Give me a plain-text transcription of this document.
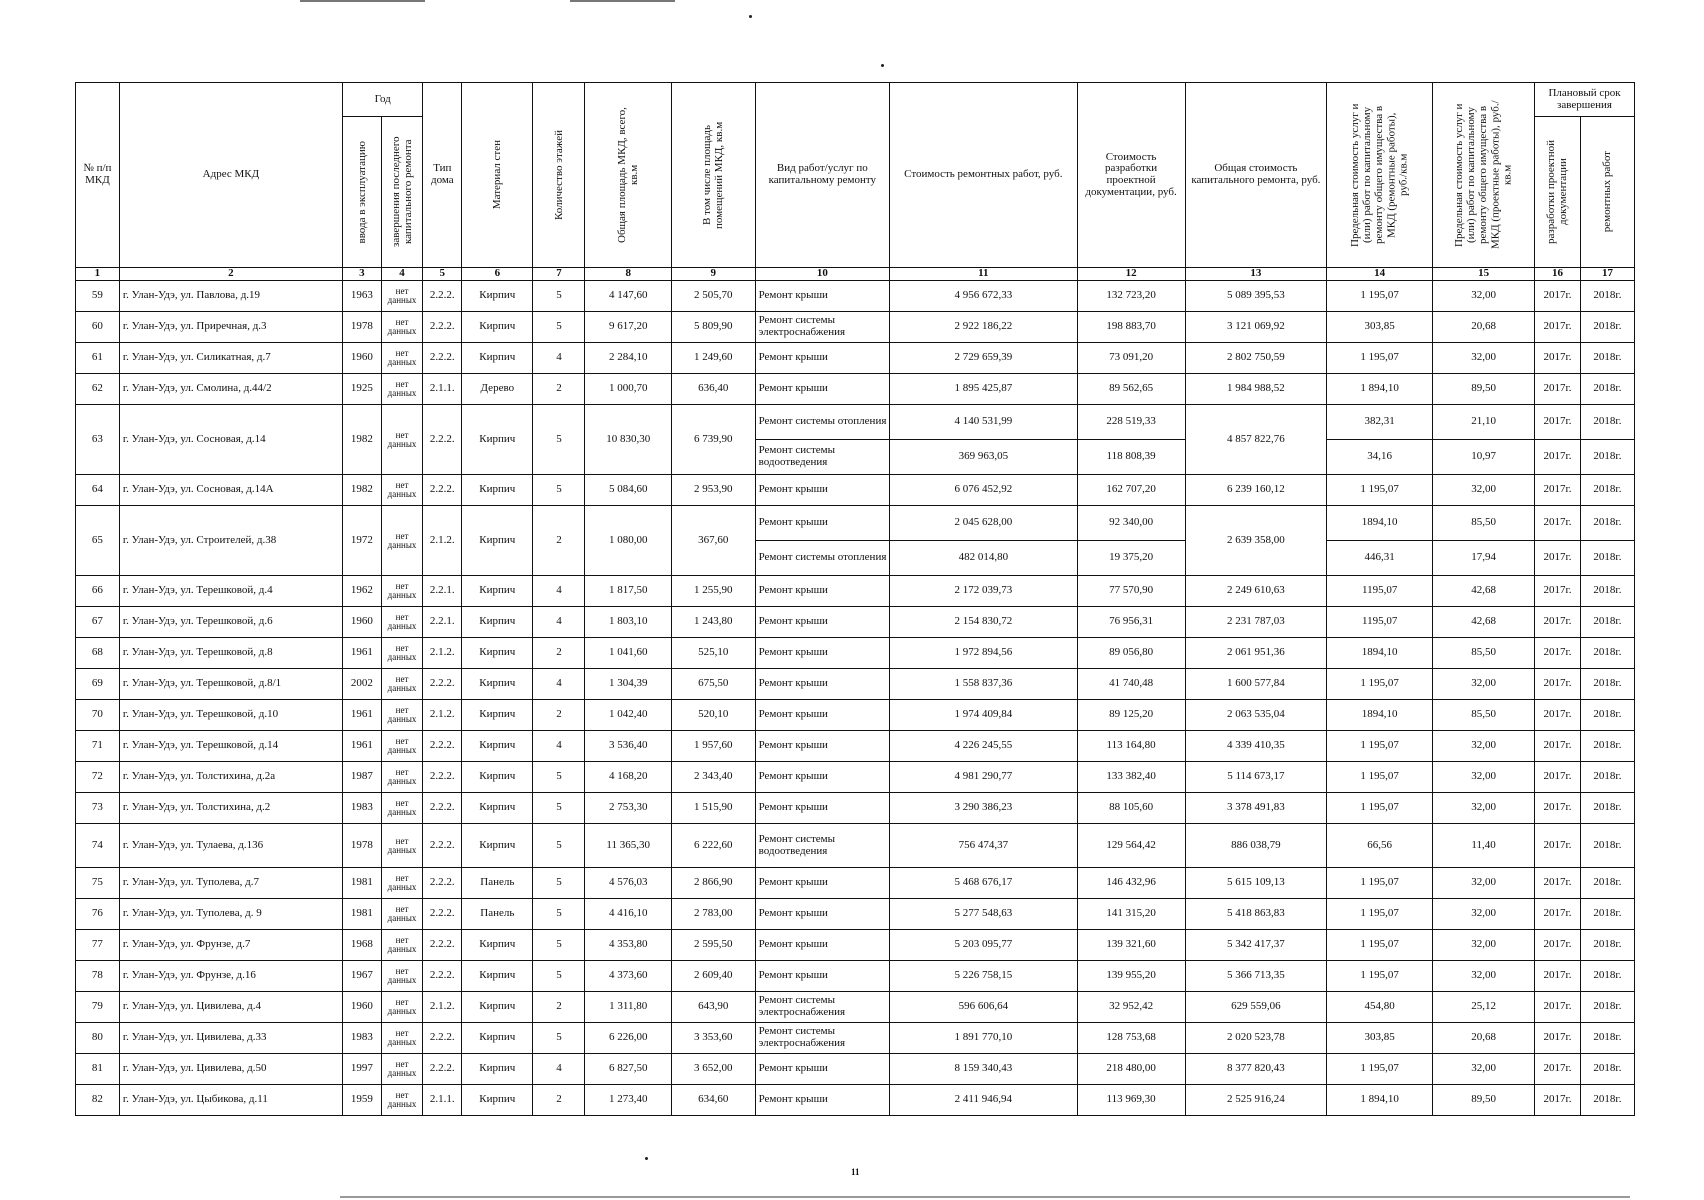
№ п/п МКД	Адрес МКД	Год		Тип дома	Материал стен	Количество этажей	Общая площадь МКД, всего, кв.м	В том числе площадь помещений МКД, кв.м	Вид работ/услуг по капитальному ремонту	Стоимость ремонтных работ, руб.	Стоимость разработки проектной документации, руб.	Общая стоимость капитального ремонта, руб.	Предельная стоимость услуг и (или) работ по капитальному ремонту общего имущества в МКД (ремонтные работы), руб./кв.м	Предельная стоимость услуг и (или) работ по капитальному ремонту общего имущества в МКД (проектные работы), руб./кв.м	Плановый срок завершения	

		ввода в эксплуатацию	завершения последнего капитального ремонта												разработки проектной документации	ремонтных работ

1	2	3	4	5	6	7	8	9	10	11	12	13	14	15	16	17
59	г. Улан-Удэ, ул. Павлова, д.19	1963	нет данных	2.2.2.	Кирпич	5	4 147,60	2 505,70	Ремонт крыши	4 956 672,33	132 723,20	5 089 395,53	1 195,07	32,00	2017г.	2018г.
60	г. Улан-Удэ, ул. Приречная, д.3	1978	нет данных	2.2.2.	Кирпич	5	9 617,20	5 809,90	Ремонт системы электроснабжения	2 922 186,22	198 883,70	3 121 069,92	303,85	20,68	2017г.	2018г.
61	г. Улан-Удэ, ул. Силикатная, д.7	1960	нет данных	2.2.2.	Кирпич	4	2 284,10	1 249,60	Ремонт крыши	2 729 659,39	73 091,20	2 802 750,59	1 195,07	32,00	2017г.	2018г.
62	г. Улан-Удэ, ул. Смолина, д.44/2	1925	нет данных	2.1.1.	Дерево	2	1 000,70	636,40	Ремонт крыши	1 895 425,87	89 562,65	1 984 988,52	1 894,10	89,50	2017г.	2018г.
63	г. Улан-Удэ, ул. Сосновая, д.14	1982	нет данных	2.2.2.	Кирпич	5	10 830,30	6 739,90	Ремонт системы отопления	4 140 531,99	228 519,33	4 857 822,76	382,31	21,10	2017г.	2018г.
									Ремонт системы водоотведения	369 963,05	118 808,39		34,16	10,97	2017г.	2018г.
64	г. Улан-Удэ, ул. Сосновая, д.14А	1982	нет данных	2.2.2.	Кирпич	5	5 084,60	2 953,90	Ремонт крыши	6 076 452,92	162 707,20	6 239 160,12	1 195,07	32,00	2017г.	2018г.
65	г. Улан-Удэ, ул. Строителей, д.38	1972	нет данных	2.1.2.	Кирпич	2	1 080,00	367,60	Ремонт крыши	2 045 628,00	92 340,00	2 639 358,00	1894,10	85,50	2017г.	2018г.
									Ремонт системы отопления	482 014,80	19 375,20		446,31	17,94	2017г.	2018г.
66	г. Улан-Удэ, ул. Терешковой, д.4	1962	нет данных	2.2.1.	Кирпич	4	1 817,50	1 255,90	Ремонт крыши	2 172 039,73	77 570,90	2 249 610,63	1195,07	42,68	2017г.	2018г.
67	г. Улан-Удэ, ул. Терешковой, д.6	1960	нет данных	2.2.1.	Кирпич	4	1 803,10	1 243,80	Ремонт крыши	2 154 830,72	76 956,31	2 231 787,03	1195,07	42,68	2017г.	2018г.
68	г. Улан-Удэ, ул. Терешковой, д.8	1961	нет данных	2.1.2.	Кирпич	2	1 041,60	525,10	Ремонт крыши	1 972 894,56	89 056,80	2 061 951,36	1894,10	85,50	2017г.	2018г.
69	г. Улан-Удэ, ул. Терешковой, д.8/1	2002	нет данных	2.2.2.	Кирпич	4	1 304,39	675,50	Ремонт крыши	1 558 837,36	41 740,48	1 600 577,84	1 195,07	32,00	2017г.	2018г.
70	г. Улан-Удэ, ул. Терешковой, д.10	1961	нет данных	2.1.2.	Кирпич	2	1 042,40	520,10	Ремонт крыши	1 974 409,84	89 125,20	2 063 535,04	1894,10	85,50	2017г.	2018г.
71	г. Улан-Удэ, ул. Терешковой, д.14	1961	нет данных	2.2.2.	Кирпич	4	3 536,40	1 957,60	Ремонт крыши	4 226 245,55	113 164,80	4 339 410,35	1 195,07	32,00	2017г.	2018г.
72	г. Улан-Удэ, ул. Толстихина, д.2а	1987	нет данных	2.2.2.	Кирпич	5	4 168,20	2 343,40	Ремонт крыши	4 981 290,77	133 382,40	5 114 673,17	1 195,07	32,00	2017г.	2018г.
73	г. Улан-Удэ, ул. Толстихина, д.2	1983	нет данных	2.2.2.	Кирпич	5	2 753,30	1 515,90	Ремонт крыши	3 290 386,23	88 105,60	3 378 491,83	1 195,07	32,00	2017г.	2018г.
74	г. Улан-Удэ, ул. Тулаева, д.136	1978	нет данных	2.2.2.	Кирпич	5	11 365,30	6 222,60	Ремонт системы водоотведения	756 474,37	129 564,42	886 038,79	66,56	11,40	2017г.	2018г.
75	г. Улан-Удэ, ул. Туполева, д.7	1981	нет данных	2.2.2.	Панель	5	4 576,03	2 866,90	Ремонт крыши	5 468 676,17	146 432,96	5 615 109,13	1 195,07	32,00	2017г.	2018г.
76	г. Улан-Удэ, ул. Туполева, д. 9	1981	нет данных	2.2.2.	Панель	5	4 416,10	2 783,00	Ремонт крыши	5 277 548,63	141 315,20	5 418 863,83	1 195,07	32,00	2017г.	2018г.
77	г. Улан-Удэ, ул. Фрунзе, д.7	1968	нет данных	2.2.2.	Кирпич	5	4 353,80	2 595,50	Ремонт крыши	5 203 095,77	139 321,60	5 342 417,37	1 195,07	32,00	2017г.	2018г.
78	г. Улан-Удэ, ул. Фрунзе, д.16	1967	нет данных	2.2.2.	Кирпич	5	4 373,60	2 609,40	Ремонт крыши	5 226 758,15	139 955,20	5 366 713,35	1 195,07	32,00	2017г.	2018г.
79	г. Улан-Удэ, ул. Цивилева, д.4	1960	нет данных	2.1.2.	Кирпич	2	1 311,80	643,90	Ремонт системы электроснабжения	596 606,64	32 952,42	629 559,06	454,80	25,12	2017г.	2018г.
80	г. Улан-Удэ, ул. Цивилева, д.33	1983	нет данных	2.2.2.	Кирпич	5	6 226,00	3 353,60	Ремонт системы электроснабжения	1 891 770,10	128 753,68	2 020 523,78	303,85	20,68	2017г.	2018г.
81	г. Улан-Удэ, ул. Цивилева, д.50	1997	нет данных	2.2.2.	Кирпич	4	6 827,50	3 652,00	Ремонт крыши	8 159 340,43	218 480,00	8 377 820,43	1 195,07	32,00	2017г.	2018г.
82	г. Улан-Удэ, ул. Цыбикова, д.11	1959	нет данных	2.1.1.	Кирпич	2	1 273,40	634,60	Ремонт крыши	2 411 946,94	113 969,30	2 525 916,24	1 894,10	89,50	2017г.	2018г.
11
